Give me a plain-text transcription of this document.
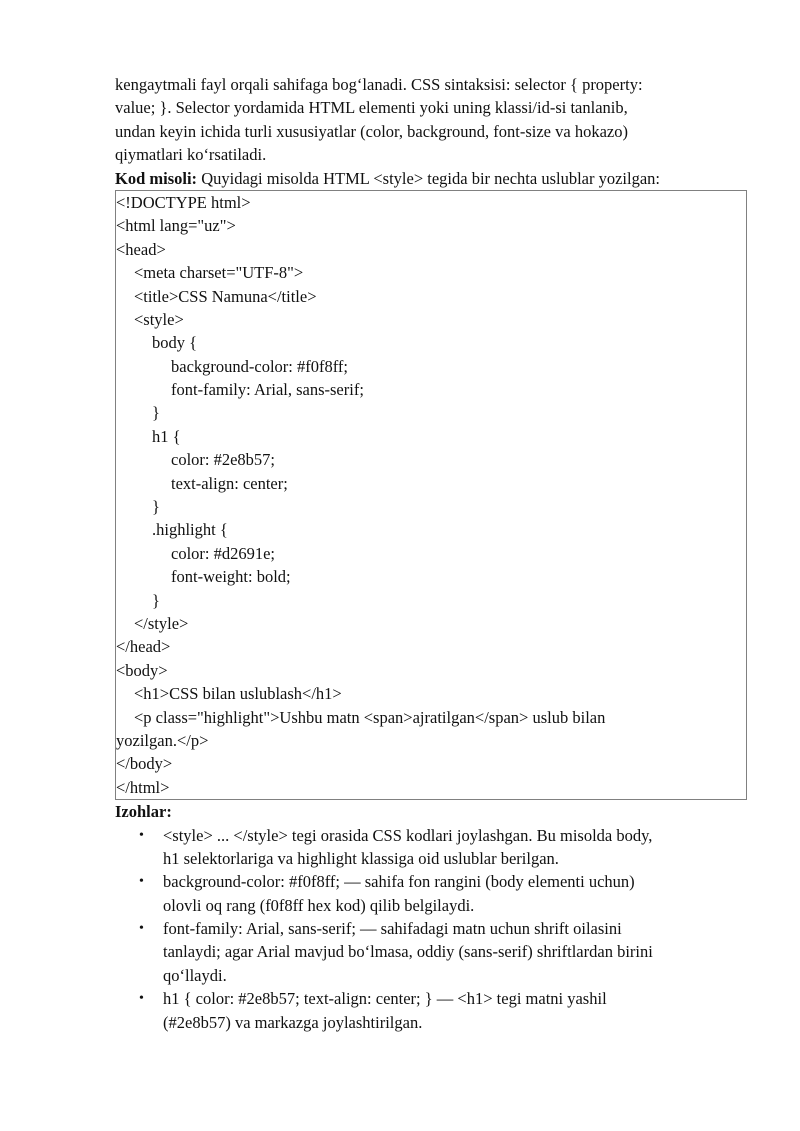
kengaytmali fayl orqali sahifaga bog‘lanadi. CSS sintaksisi: selector { property:
value; }. Selector yordamida HTML elementi yoki uning klassi/id-si tanlanib,
undan keyin ichida turli xususiyatlar (color, background, font-size va hokazo)
qiymatlari ko‘rsatiladi.
Kod misoli: Quyidagi misolda HTML <style> tegida bir nechta uslublar yozilgan:
<!DOCTYPE html>
<html lang="uz">
<head>
<meta charset="UTF-8">
<title>CSS Namuna</title>
<style>
body {
background-color: #f0f8ff;
font-family: Arial, sans-serif;
}
h1 {
color: #2e8b57;
text-align: center;
}
.highlight {
color: #d2691e;
font-weight: bold;
}
</style>
</head>
<body>
<h1>CSS bilan uslublash</h1>
<p class="highlight">Ushbu matn <span>ajratilgan</span> uslub bilan
yozilgan.</p>
</body>
</html>
Izohlar:
• <style> ... </style> tegi orasida CSS kodlari joylashgan. Bu misolda body,
h1 selektorlariga va highlight klassiga oid uslublar berilgan.
• background-color: #f0f8ff; — sahifa fon rangini (body elementi uchun)
olovli oq rang (f0f8ff hex kod) qilib belgilaydi.
• font-family: Arial, sans-serif; — sahifadagi matn uchun shrift oilasini
tanlaydi; agar Arial mavjud bo‘lmasa, oddiy (sans-serif) shriftlardan birini
qo‘llaydi.
• h1 { color: #2e8b57; text-align: center; } — <h1> tegi matni yashil
(#2e8b57) va markazga joylashtirilgan.
